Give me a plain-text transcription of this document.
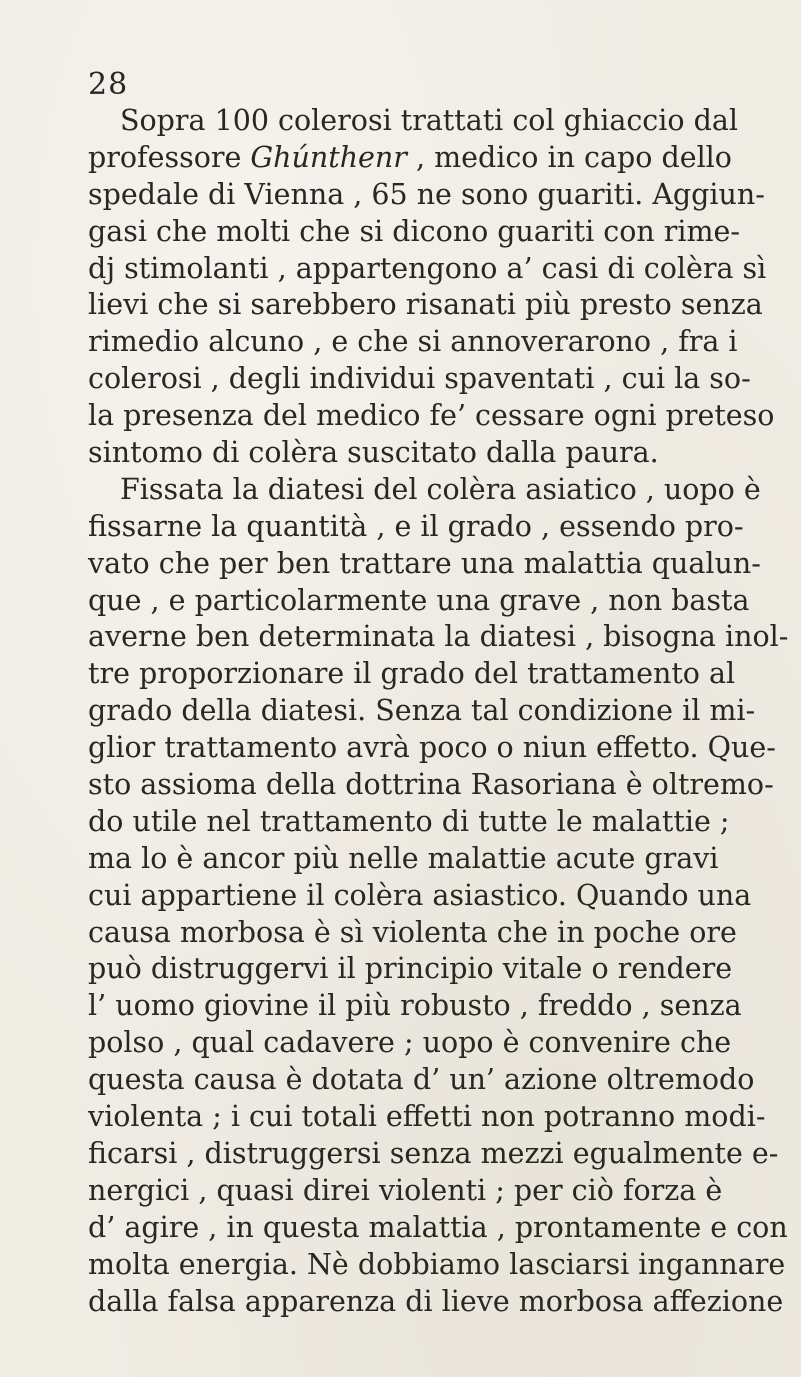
28
Sopra 100 colerosi trattati col ghiaccio dal
professore Ghúnthenr , medico in capo dello
spedale di Vienna , 65 ne sono guariti. Aggiun-
gasi che molti che si dicono guariti con rime-
dj stimolanti , appartengono a’ casi di colèra sì
lievi che si sarebbero risanati più presto senza
rimedio alcuno , e che si annoverarono , fra i
colerosi , degli individui spaventati , cui la so-
la presenza del medico fe’ cessare ogni preteso
sintomo di colèra suscitato dalla paura.
Fissata la diatesi del colèra asiatico , uopo è
fissarne la quantità , e il grado , essendo pro-
vato che per ben trattare una malattia qualun-
que , e particolarmente una grave , non basta
averne ben determinata la diatesi , bisogna inol-
tre proporzionare il grado del trattamento al
grado della diatesi. Senza tal condizione il mi-
glior trattamento avrà poco o niun effetto. Que-
sto assioma della dottrina Rasoriana è oltremo-
do utile nel trattamento di tutte le malattie ;
ma lo è ancor più nelle malattie acute gravi
cui appartiene il colèra asiastico. Quando una
causa morbosa è sì violenta che in poche ore
può distruggervi il principio vitale o rendere
l’ uomo giovine il più robusto , freddo , senza
polso , qual cadavere ; uopo è convenire che
questa causa è dotata d’ un’ azione oltremodo
violenta ; i cui totali effetti non potranno modi-
ficarsi , distruggersi senza mezzi egualmente e-
nergici , quasi direi violenti ; per ciò forza è
d’ agire , in questa malattia , prontamente e con
molta energia. Nè dobbiamo lasciarsi ingannare
dalla falsa apparenza di lieve morbosa affezione
